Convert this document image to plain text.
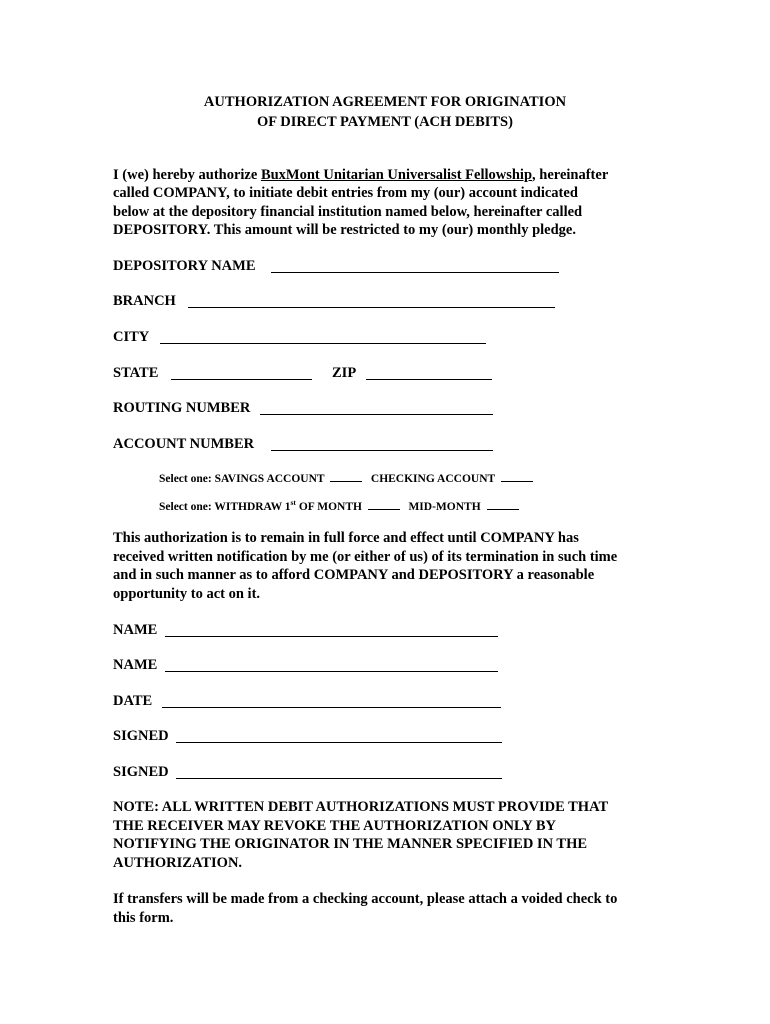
AUTHORIZATION AGREEMENT FOR ORIGINATION
OF DIRECT PAYMENT (ACH DEBITS)
I (we) hereby authorize BuxMont Unitarian Universalist Fellowship, hereinafter
called COMPANY, to initiate debit entries from my (our) account indicated
below at the depository financial institution named below, hereinafter called
DEPOSITORY. This amount will be restricted to my (our) monthly pledge.
DEPOSITORY NAME
BRANCH
CITY
STATE	ZIP
ROUTING NUMBER
ACCOUNT NUMBER
Select one: SAVINGS ACCOUNT	CHECKING ACCOUNT
Select one: WITHDRAW 1st OF MONTH	MID-MONTH
This authorization is to remain in full force and effect until COMPANY has
received written notification by me (or either of us) of its termination in such time
and in such manner as to afford COMPANY and DEPOSITORY a reasonable
opportunity to act on it.
NAME
NAME
DATE
SIGNED
SIGNED
NOTE: ALL WRITTEN DEBIT AUTHORIZATIONS MUST PROVIDE THAT
THE RECEIVER MAY REVOKE THE AUTHORIZATION ONLY BY
NOTIFYING THE ORIGINATOR IN THE MANNER SPECIFIED IN THE
AUTHORIZATION.
If transfers will be made from a checking account, please attach a voided check to
this form.
